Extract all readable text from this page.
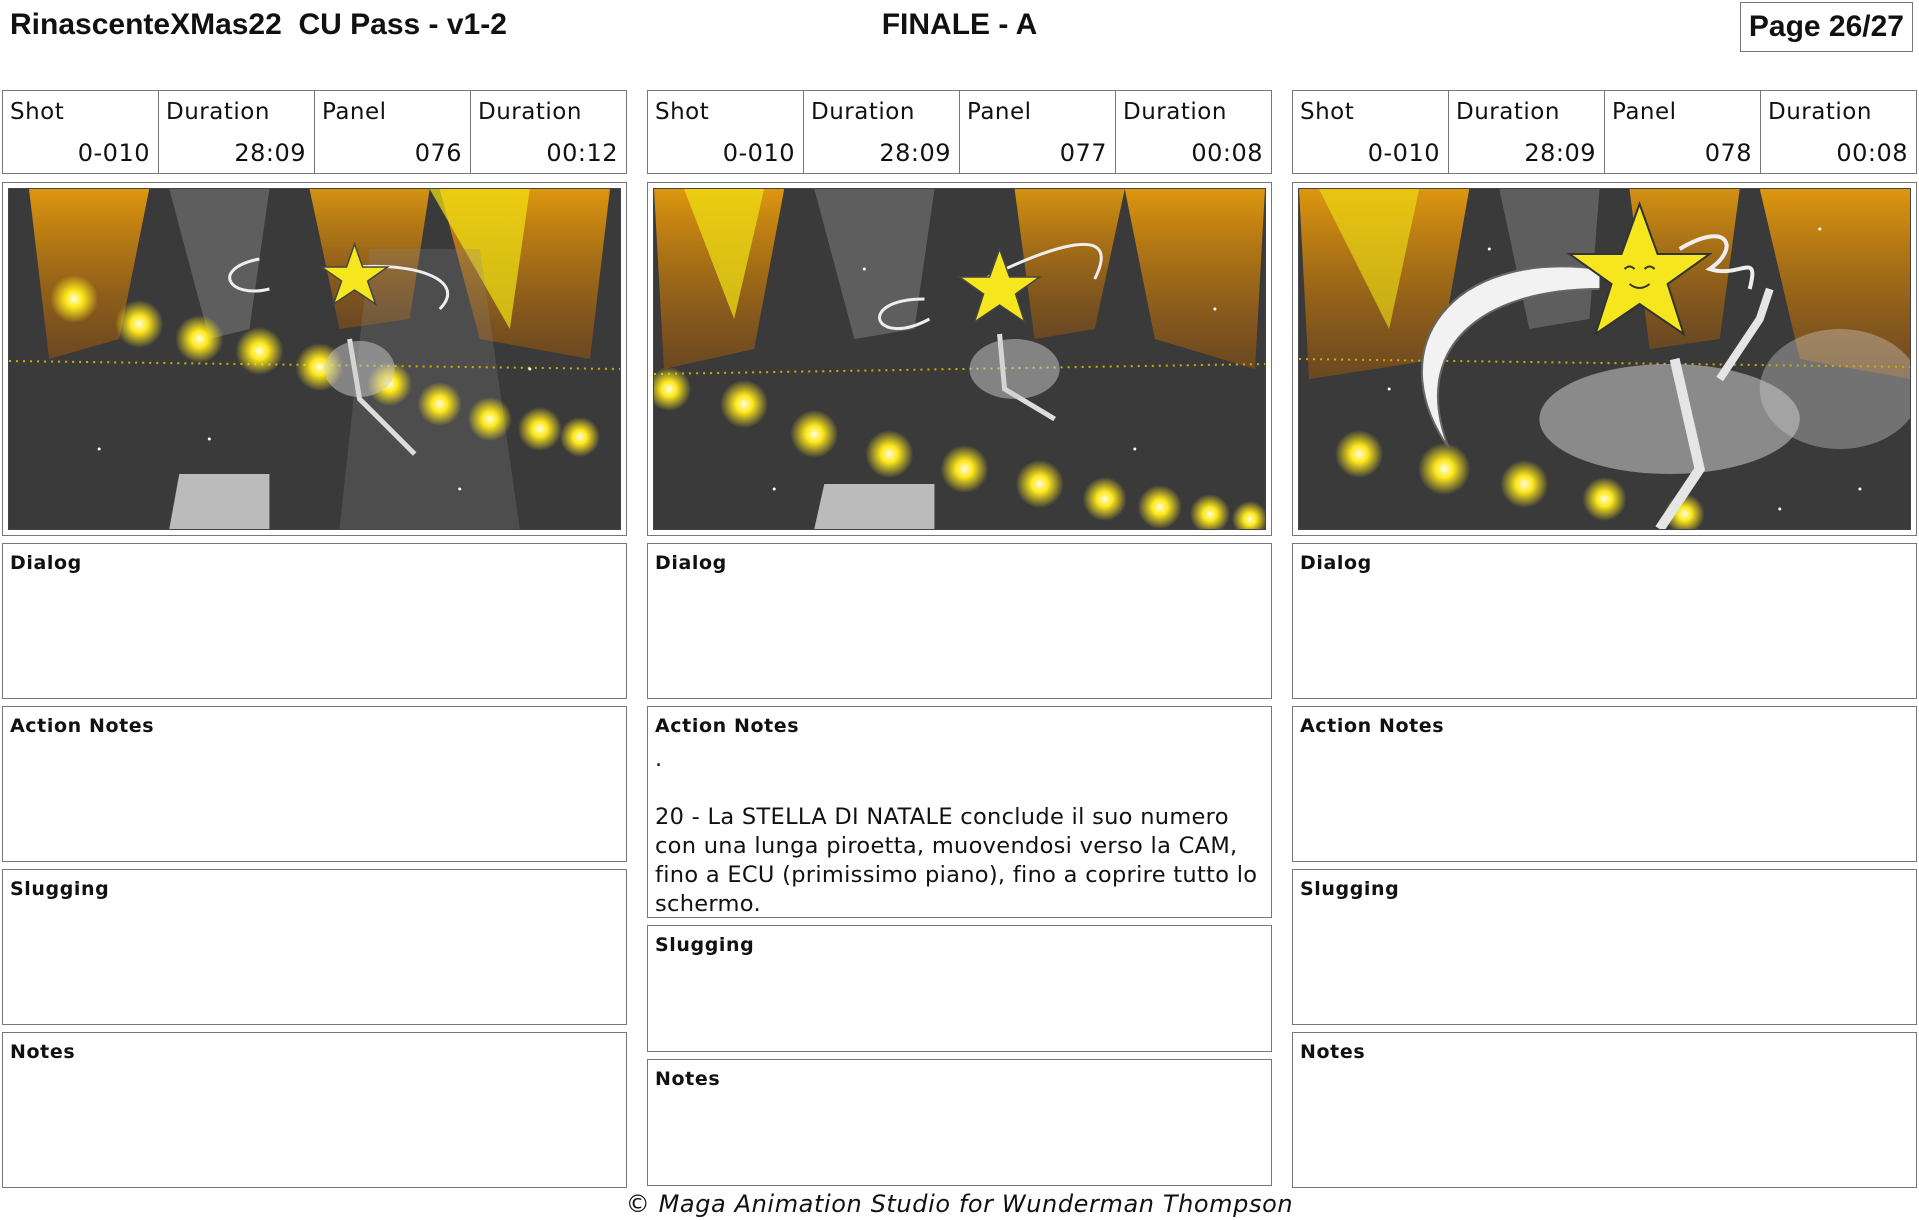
RinascenteXMas22  CU Pass - v1-2	FINALE - A	Page 26/27
Shot
0-010
Duration
28:09
Panel
076
Duration
00:12
Dialog
Action Notes
Slugging
Notes
Shot
0-010
Duration
28:09
Panel
077
Duration
00:08
Dialog
Action Notes
.

20 - La STELLA DI NATALE conclude il suo numero con una lunga piroetta, muovendosi verso la CAM, fino a ECU (primissimo piano), fino a coprire tutto lo schermo.
Slugging
Notes
Shot
0-010
Duration
28:09
Panel
078
Duration
00:08
Dialog
Action Notes
Slugging
Notes
© Maga Animation Studio for Wunderman Thompson
